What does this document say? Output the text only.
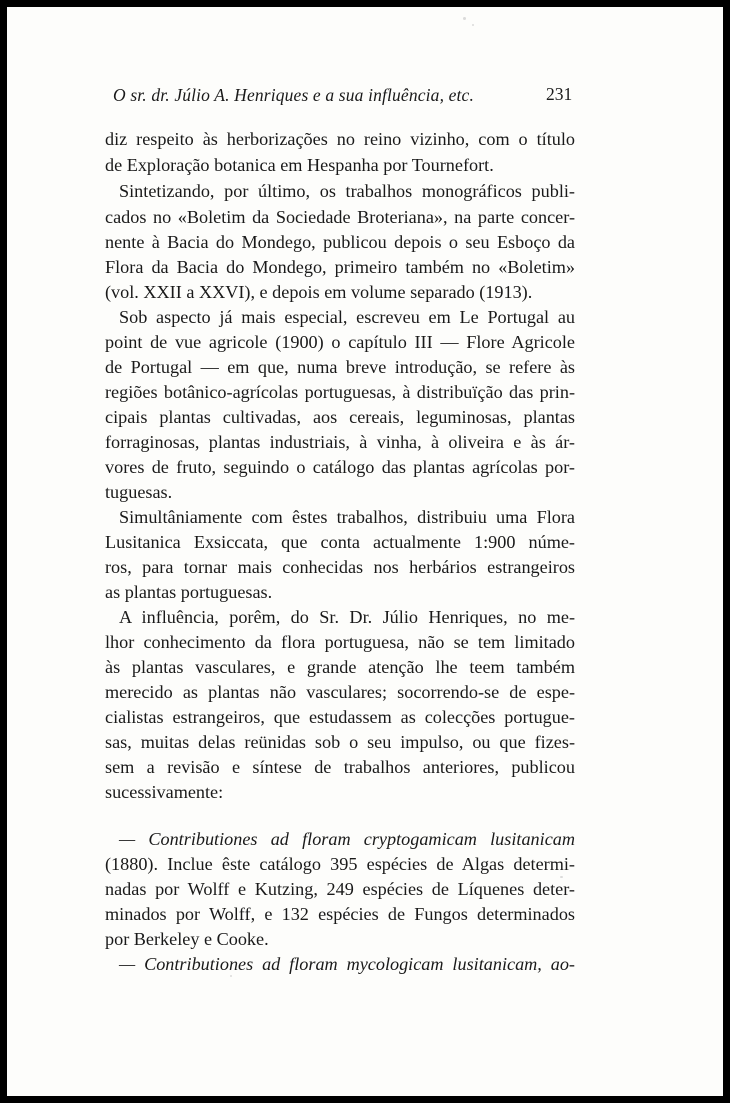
O sr. dr. Júlio A. Henriques e a sua influência, etc.	231
diz respeito às herborizações no reino vizinho, com o título
de Exploração botanica em Hespanha por Tournefort.
Sintetizando, por último, os trabalhos monográficos publi-
cados no «Boletim da Sociedade Broteriana», na parte concer-
nente à Bacia do Mondego, publicou depois o seu Esboço da
Flora da Bacia do Mondego, primeiro também no «Boletim»
(vol. XXII a XXVI), e depois em volume separado (1913).
Sob aspecto já mais especial, escreveu em Le Portugal au
point de vue agricole (1900) o capítulo III — Flore Agricole
de Portugal — em que, numa breve introdução, se refere às
regiões botânico-agrícolas portuguesas, à distribuïção das prin-
cipais plantas cultivadas, aos cereais, leguminosas, plantas
forraginosas, plantas industriais, à vinha, à oliveira e às ár-
vores de fruto, seguindo o catálogo das plantas agrícolas por-
tuguesas.
Simultâniamente com êstes trabalhos, distribuiu uma Flora
Lusitanica Exsiccata, que conta actualmente 1:900 núme-
ros, para tornar mais conhecidas nos herbários estrangeiros
as plantas portuguesas.
A influência, porêm, do Sr. Dr. Júlio Henriques, no me-
lhor conhecimento da flora portuguesa, não se tem limitado
às plantas vasculares, e grande atenção lhe teem também
merecido as plantas não vasculares; socorrendo-se de espe-
cialistas estrangeiros, que estudassem as colecções portugue-
sas, muitas delas reünidas sob o seu impulso, ou que fizes-
sem a revisão e síntese de trabalhos anteriores, publicou
sucessivamente:
— Contributiones ad floram cryptogamicam lusitanicam
(1880). Inclue êste catálogo 395 espécies de Algas determi-
nadas por Wolff e Kutzing, 249 espécies de Líquenes deter-
minados por Wolff, e 132 espécies de Fungos determinados
por Berkeley e Cooke.
— Contributiones ad floram mycologicam lusitanicam, ao-
